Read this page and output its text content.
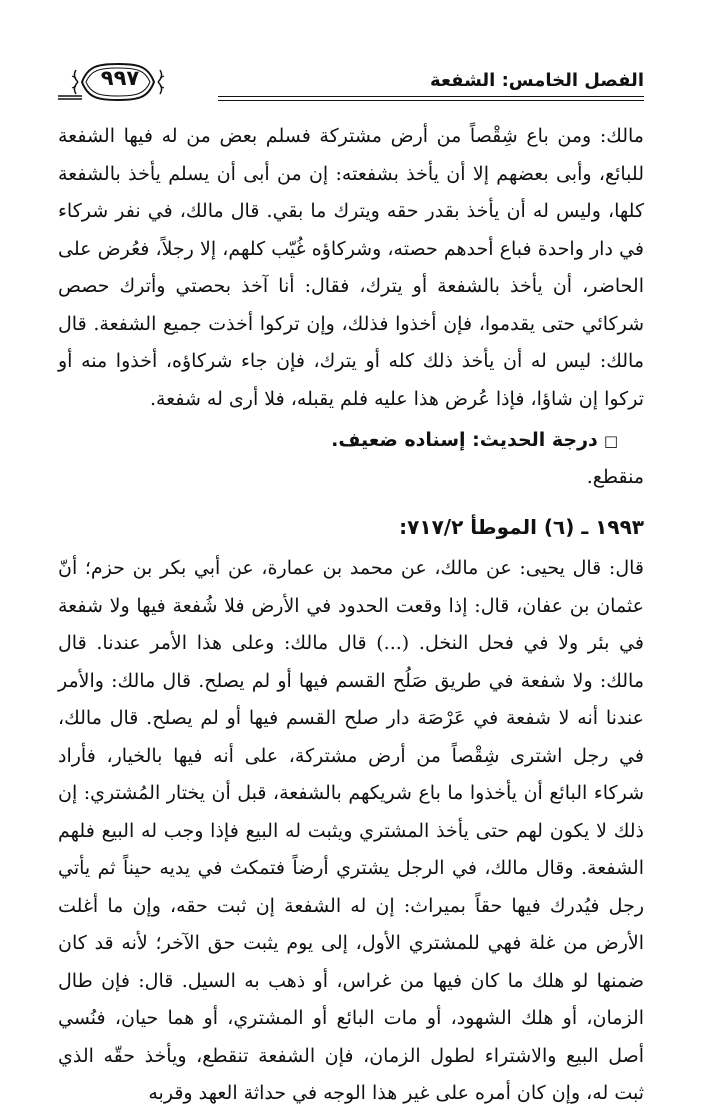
٩٩٧	الفصل الخامس: الشفعة

مالك: ومن باع شِقْصاً من أرض مشتركة فسلم بعض من له فيها الشفعة للبائع، وأبى بعضهم إلا أن يأخذ بشفعته: إن من أبى أن يسلم يأخذ بالشفعة كلها، وليس له أن يأخذ بقدر حقه ويترك ما بقي. قال مالك، في نفر شركاء في دار واحدة فباع أحدهم حصته، وشركاؤه غُيّب كلهم، إلا رجلاً، فعُرض على الحاضر، أن يأخذ بالشفعة أو يترك، فقال: أنا آخذ بحصتي وأترك حصص شركائي حتى يقدموا، فإن أخذوا فذلك، وإن تركوا أخذت جميع الشفعة. قال مالك: ليس له أن يأخذ ذلك كله أو يترك، فإن جاء شركاؤه، أخذوا منه أو تركوا إن شاؤا، فإذا عُرض هذا عليه فلم يقبله، فلا أرى له شفعة.

□درجة الحديث: إسناده ضعيف.

منقطع.

١٩٩٣ ـ (٦) الموطأ ٧١٧/٢:

قال: قال يحيى: عن مالك، عن محمد بن عمارة، عن أبي بكر بن حزم؛ أنّ عثمان بن عفان، قال: إذا وقعت الحدود في الأرض فلا شُفعة فيها ولا شفعة في بئر ولا في فحل النخل. (...) قال مالك: وعلى هذا الأمر عندنا. قال مالك: ولا شفعة في طريق صَلُح القسم فيها أو لم يصلح. قال مالك: والأمر عندنا أنه لا شفعة في عَرْصَة دار صلح القسم فيها أو لم يصلح. قال مالك، في رجل اشترى شِقْصاً من أرض مشتركة، على أنه فيها بالخيار، فأراد شركاء البائع أن يأخذوا ما باع شريكهم بالشفعة، قبل أن يختار المُشتري: إن ذلك لا يكون لهم حتى يأخذ المشتري ويثبت له البيع فإذا وجب له البيع فلهم الشفعة. وقال مالك، في الرجل يشتري أرضاً فتمكث في يديه حيناً ثم يأتي رجل فيُدرك فيها حقاً بميراث: إن له الشفعة إن ثبت حقه، وإن ما أغلت الأرض من غلة فهي للمشتري الأول، إلى يوم يثبت حق الآخر؛ لأنه قد كان ضمنها لو هلك ما كان فيها من غراس، أو ذهب به السيل. قال: فإن طال الزمان، أو هلك الشهود، أو مات البائع أو المشتري، أو هما حيان، فنُسي أصل البيع والاشتراء لطول الزمان، فإن الشفعة تنقطع، ويأخذ حقّه الذي ثبت له، وإن كان أمره على غير هذا الوجه في حداثة العهد وقربه
